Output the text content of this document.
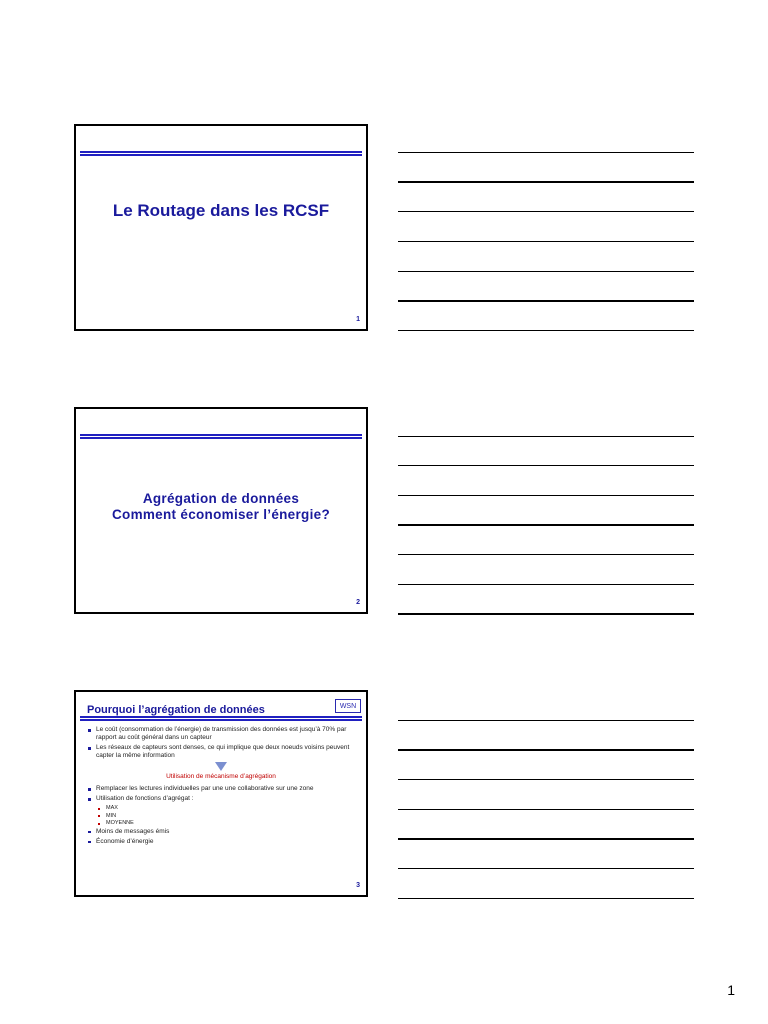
Le Routage dans les RCSF
1
Agrégation de données
Comment économiser l’énergie?
2
Pourquoi l’agrégation de données	WSN
Le coût (consommation de l’énergie) de transmission des données est jusqu’à 70% par rapport au coût général dans un capteur
Les réseaux de capteurs sont denses, ce qui implique que deux noeuds voisins peuvent capter la même information
Utilisation de mécanisme d’agrégation
Remplacer les lectures individuelles par une une collaborative sur une zone
Utilisation de fonctions d’agrégat :
MAX
MIN
MOYENNE
Moins de messages émis
Économie d’énergie
3
1
